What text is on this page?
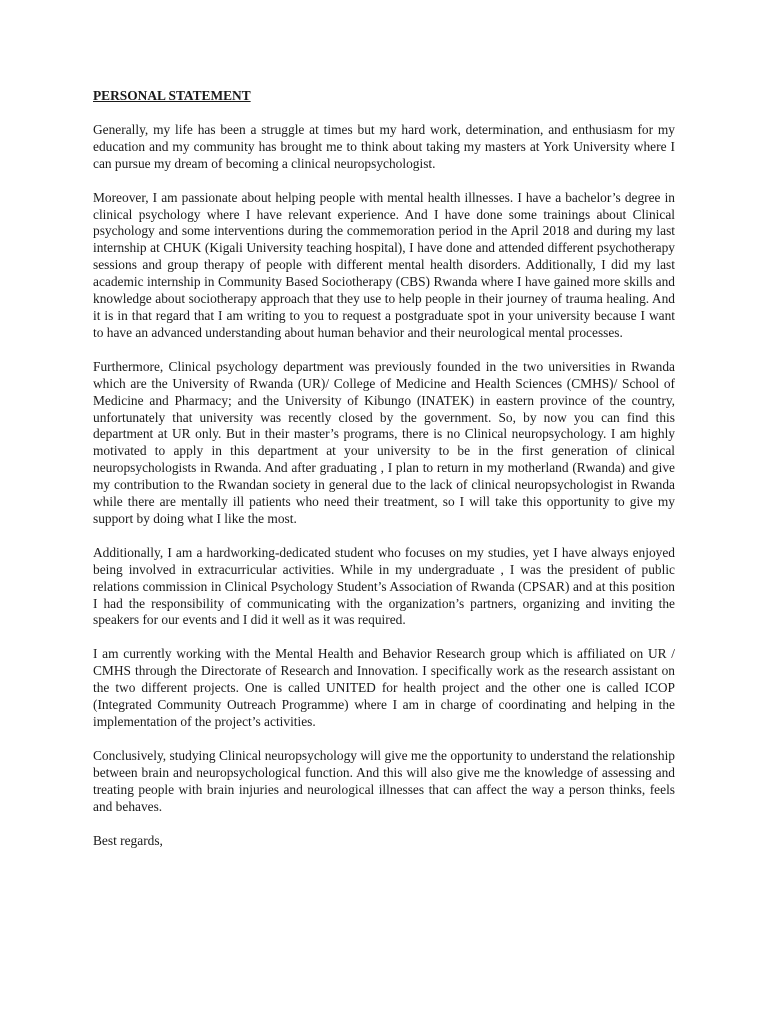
PERSONAL STATEMENT

Generally, my life has been a struggle at times but my hard work, determination, and enthusiasm for my education and my community has brought me to think about taking my masters at York University where I can pursue my dream of becoming a clinical neuropsychologist.

Moreover, I am passionate about helping people with mental health illnesses. I have a bachelor’s degree in clinical psychology where I have relevant experience. And I have done some trainings about Clinical psychology and some interventions during the commemoration period in the April 2018 and during my last internship at CHUK (Kigali University teaching hospital), I have done and attended different psychotherapy sessions and group therapy of people with different mental health disorders. Additionally, I did my last academic internship in Community Based Sociotherapy (CBS) Rwanda where I have gained more skills and knowledge about sociotherapy approach that they use to help people in their journey of trauma healing. And it is in that regard that I am writing to you to request a postgraduate spot in your university because I want to have an advanced understanding about human behavior and their neurological mental processes.

Furthermore, Clinical psychology department was previously founded in the two universities in Rwanda which are the University of Rwanda (UR)/ College of Medicine and Health Sciences (CMHS)/ School of Medicine and Pharmacy; and the University of Kibungo (INATEK) in eastern province of the country, unfortunately that university was recently closed by the government. So, by now you can find this department at UR only. But in their master’s programs, there is no Clinical neuropsychology. I am highly motivated to apply in this department at your university to be in the first generation of clinical neuropsychologists in Rwanda. And after graduating , I plan to return in my motherland (Rwanda) and give my contribution to the Rwandan society in general due to the lack of clinical neuropsychologist in Rwanda while there are mentally ill patients who need their treatment, so I will take this opportunity to give my support by doing what I like the most.

Additionally, I am a hardworking-dedicated student who focuses on my studies, yet I have always enjoyed being involved in extracurricular activities. While in my undergraduate , I was the president of public relations commission in Clinical Psychology Student’s Association of Rwanda (CPSAR) and at this position I had the responsibility of communicating with the organization’s partners, organizing and inviting the speakers for our events and I did it well as it was required.

I am currently working with the Mental Health and Behavior Research group which is affiliated on UR / CMHS through the Directorate of Research and Innovation. I specifically work as the research assistant on the two different projects. One is called UNITED for health project and the other one is called ICOP (Integrated Community Outreach Programme) where I am in charge of coordinating and helping in the implementation of the project’s activities.

Conclusively, studying Clinical neuropsychology will give me the opportunity to understand the relationship between brain and neuropsychological function. And this will also give me the knowledge of assessing and treating people with brain injuries and neurological illnesses that can affect the way a person thinks, feels and behaves.

Best regards,
